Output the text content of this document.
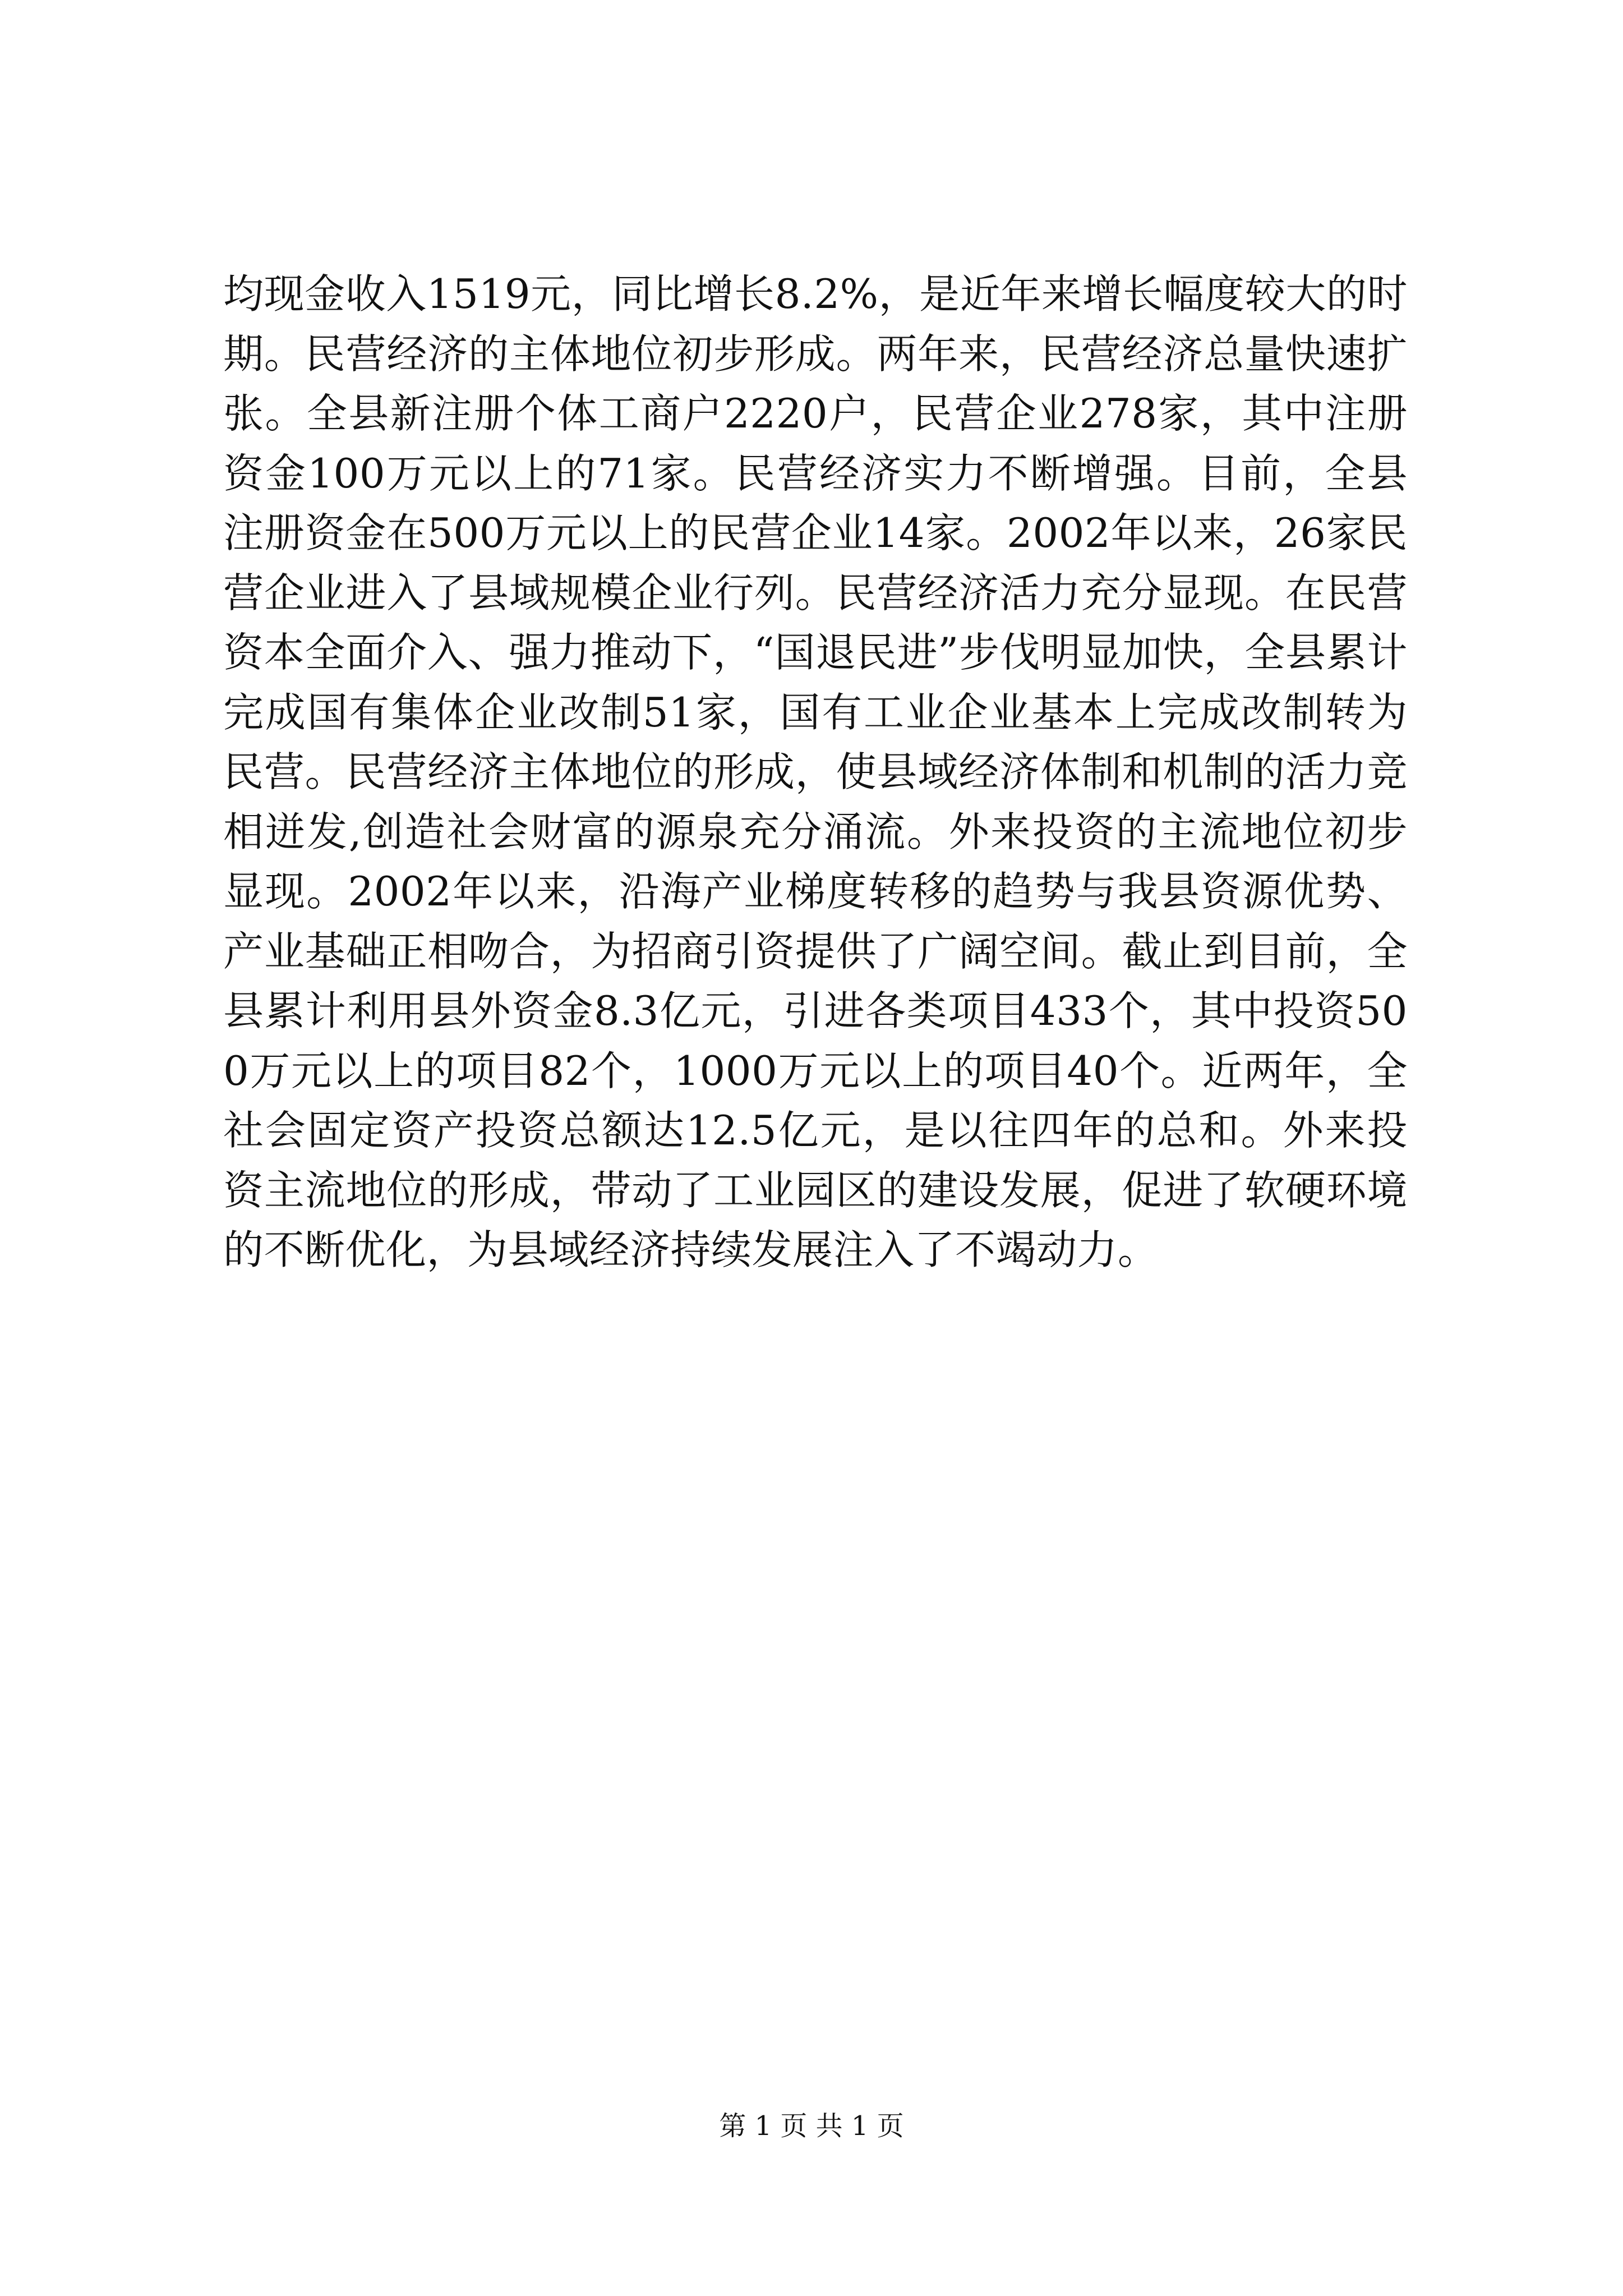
均现金收入1519元，同比增长8.2%，是近年来增长幅度较大的时期。民营经济的主体地位初步形成。两年来，民营经济总量快速扩张。全县新注册个体工商户2220户，民营企业278家，其中注册资金100万元以上的71家。民营经济实力不断增强。目前，全县注册资金在500万元以上的民营企业14家。2002年以来，26家民营企业进入了县域规模企业行列。民营经济活力充分显现。在民营资本全面介入、强力推动下，“国退民进”步伐明显加快，全县累计完成国有集体企业改制51家，国有工业企业基本上完成改制转为民营。民营经济主体地位的形成，使县域经济体制和机制的活力竞相迸发,创造社会财富的源泉充分涌流。外来投资的主流地位初步显现。2002年以来，沿海产业梯度转移的趋势与我县资源优势、产业基础正相吻合，为招商引资提供了广阔空间。截止到目前，全县累计利用县外资金8.3亿元，引进各类项目433个，其中投资500万元以上的项目82个，1000万元以上的项目40个。近两年，全社会固定资产投资总额达12.5亿元，是以往四年的总和。外来投资主流地位的形成，带动了工业园区的建设发展，促进了软硬环境的不断优化，为县域经济持续发展注入了不竭动力。

第 1 页 共 1 页
